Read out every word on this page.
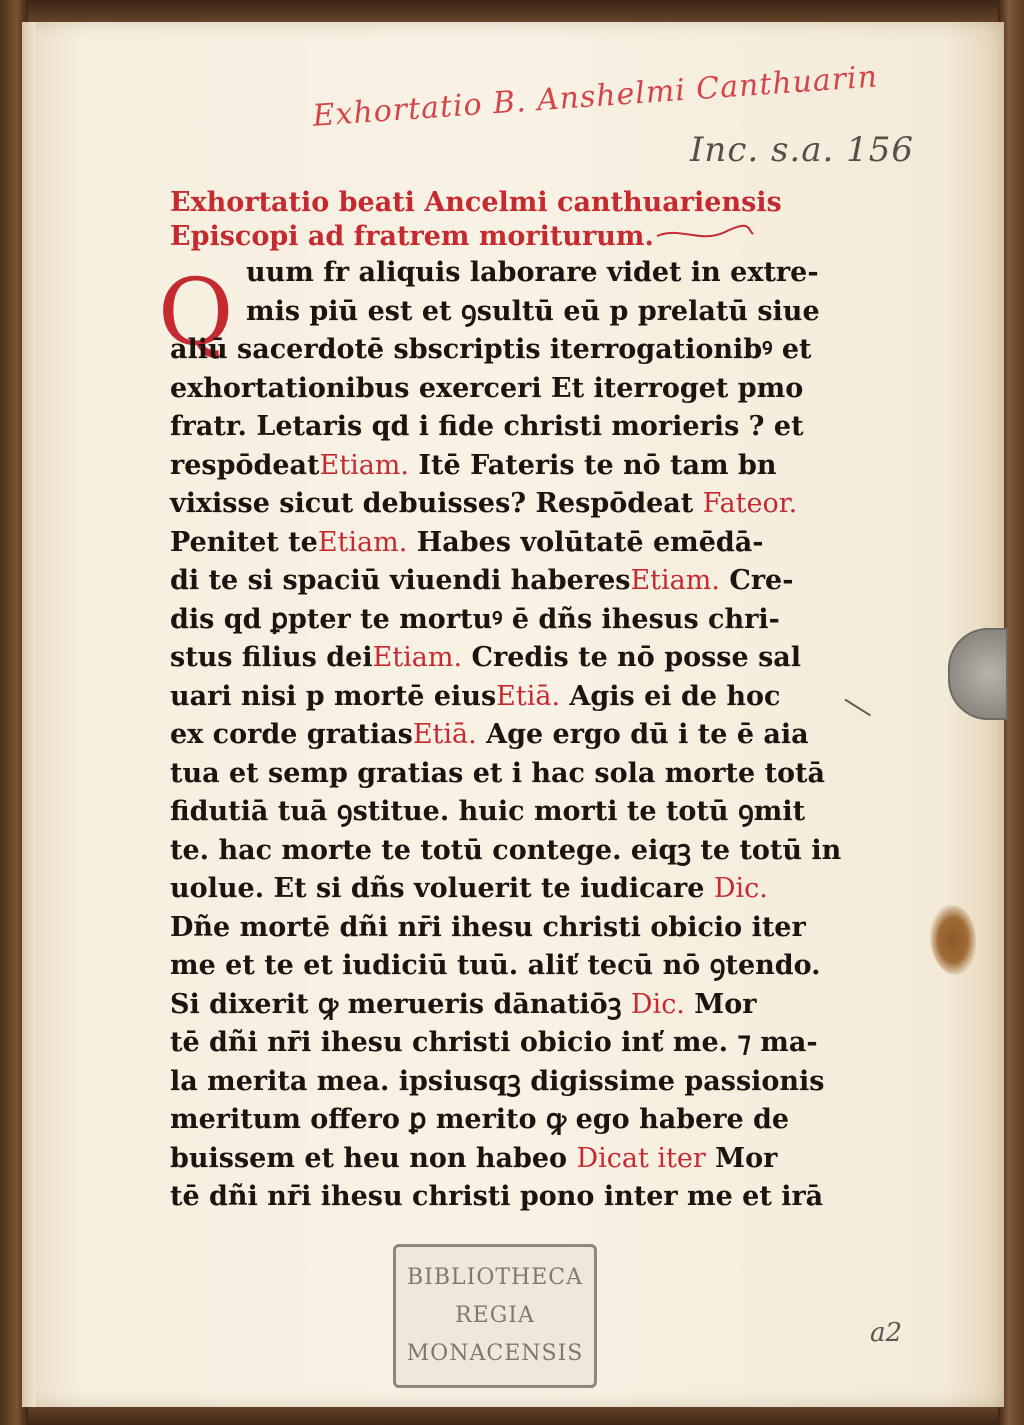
Exhortatio B. Anshelmi Canthuarin
Inc. s.a. 156
Q

Exhortatio beati Ancelmi canthuariensis

Episcopi ad fratrem moriturum.

uum fr aliquis laborare videt in extre-

mis piū est et ꝯsultū eū p prelatū siue

aliū sacerdotē sbscriptis iterrogationibꝰ et

exhortationibus exerceri Et iterroget pmo

fratr. Letaris qd i fide christi morieris ? et

respōdeatEtiam. Itē Fateris te nō tam bn

vixisse sicut debuisses? Respōdeat Fateor.

Penitet teEtiam. Habes volūtatē emēdā-

di te si spaciū viuendi haberesEtiam. Cre-

dis qd ꝑpter te mortuꝰ ē dñs ihesus chri-

stus filius deiEtiam. Credis te nō posse sal

uari nisi p mortē eiusEtiā. Agis ei de hoc

ex corde gratiasEtiā. Age ergo dū i te ē aia

tua et semp gratias et i hac sola morte totā

fidutiā tuā ꝯstitue. huic morti te totū ꝯmit

te. hac morte te totū contege. eiqꝫ te totū in

uolue. Et si dñs voluerit te iudicare Dic.

Dñe mortē dñi nr̄i ihesu christi obicio iter

me et te et iudiciū tuū. aliť tecū nō ꝯtendo.

Si dixerit ꝙ merueris dānatiōꝫ Dic. Mor

tē dñi nr̄i ihesu christi obicio inť me. ⁊ ma-

la merita mea. ipsiusqꝫ digissime passionis

meritum offero ꝑ merito ꝙ ego habere de

buissem et heu non habeo Dicat iter Mor

tē dñi nr̄i ihesu christi pono inter me et irā

BIBLIOTHECA
REGIA
MONACENSIS
a2
